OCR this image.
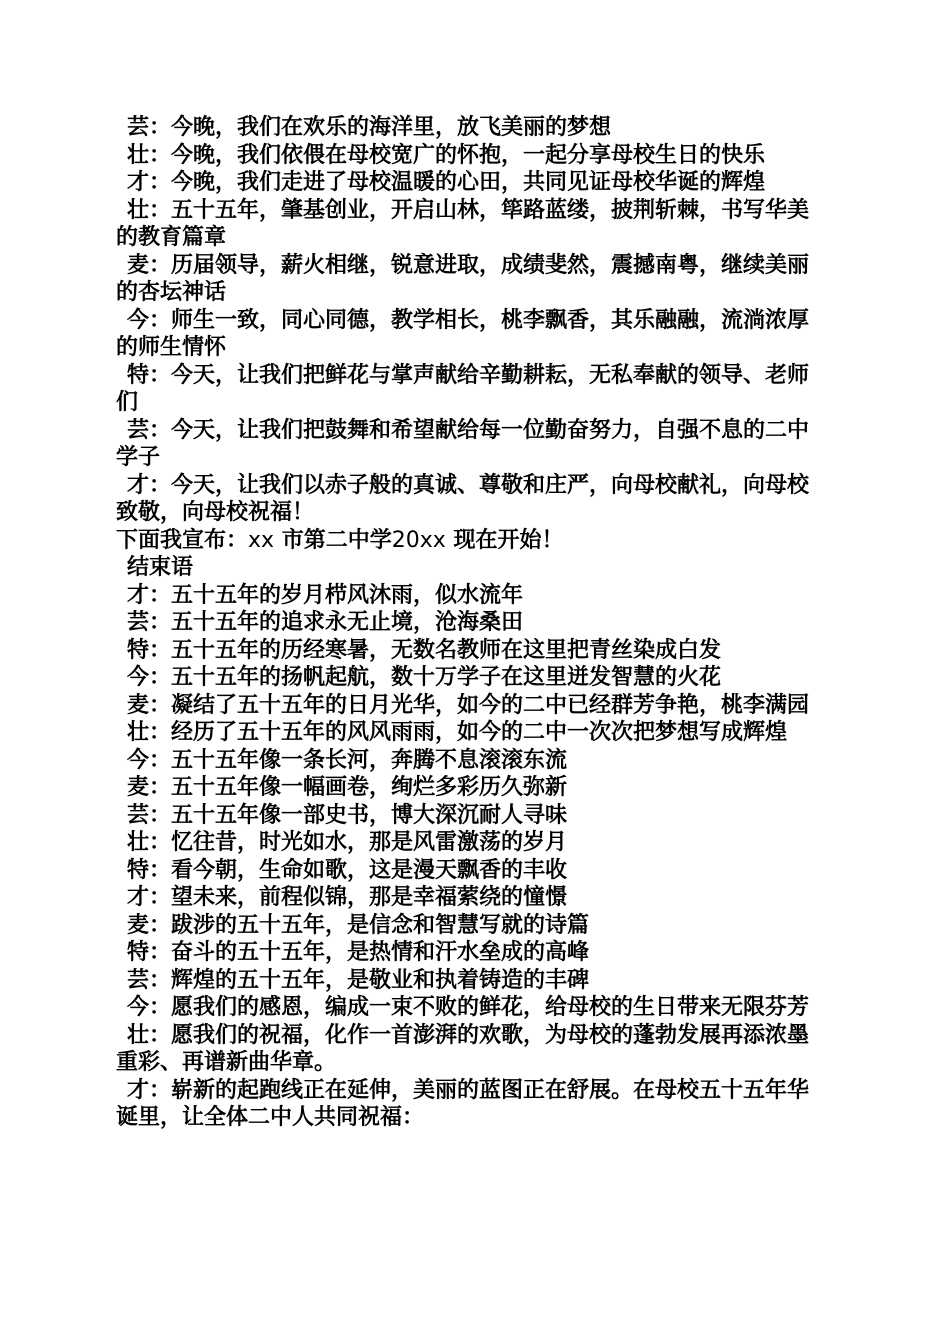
芸：今晚，我们在欢乐的海洋里，放飞美丽的梦想

壮：今晚，我们依偎在母校宽广的怀抱，一起分享母校生日的快乐

才：今晚，我们走进了母校温暖的心田，共同见证母校华诞的辉煌

壮：五十五年，肇基创业，开启山林，筚路蓝缕，披荆斩棘，书写华美的教育篇章

麦：历届领导，薪火相继，锐意进取，成绩斐然，震撼南粤，继续美丽的杏坛神话

今：师生一致，同心同德，教学相长，桃李飘香，其乐融融，流淌浓厚的师生情怀

特：今天，让我们把鲜花与掌声献给辛勤耕耘，无私奉献的领导、老师们

芸：今天，让我们把鼓舞和希望献给每一位勤奋努力，自强不息的二中学子

才：今天，让我们以赤子般的真诚、尊敬和庄严，向母校献礼，向母校致敬，向母校祝福！

下面我宣布：xx 市第二中学20xx 现在开始！

结束语

才：五十五年的岁月栉风沐雨，似水流年

芸：五十五年的追求永无止境，沧海桑田

特：五十五年的历经寒暑，无数名教师在这里把青丝染成白发

今：五十五年的扬帆起航，数十万学子在这里迸发智慧的火花

麦：凝结了五十五年的日月光华，如今的二中已经群芳争艳，桃李满园

壮：经历了五十五年的风风雨雨，如今的二中一次次把梦想写成辉煌

今：五十五年像一条长河，奔腾不息滚滚东流

麦：五十五年像一幅画卷，绚烂多彩历久弥新

芸：五十五年像一部史书，博大深沉耐人寻味

壮：忆往昔，时光如水，那是风雷激荡的岁月

特：看今朝，生命如歌，这是漫天飘香的丰收

才：望未来，前程似锦，那是幸福萦绕的憧憬

麦：跋涉的五十五年，是信念和智慧写就的诗篇

特：奋斗的五十五年，是热情和汗水垒成的高峰

芸：辉煌的五十五年，是敬业和执着铸造的丰碑

今：愿我们的感恩，编成一束不败的鲜花，给母校的生日带来无限芬芳

壮：愿我们的祝福，化作一首澎湃的欢歌，为母校的蓬勃发展再添浓墨重彩、再谱新曲华章。

才：崭新的起跑线正在延伸，美丽的蓝图正在舒展。在母校五十五年华诞里，让全体二中人共同祝福：
